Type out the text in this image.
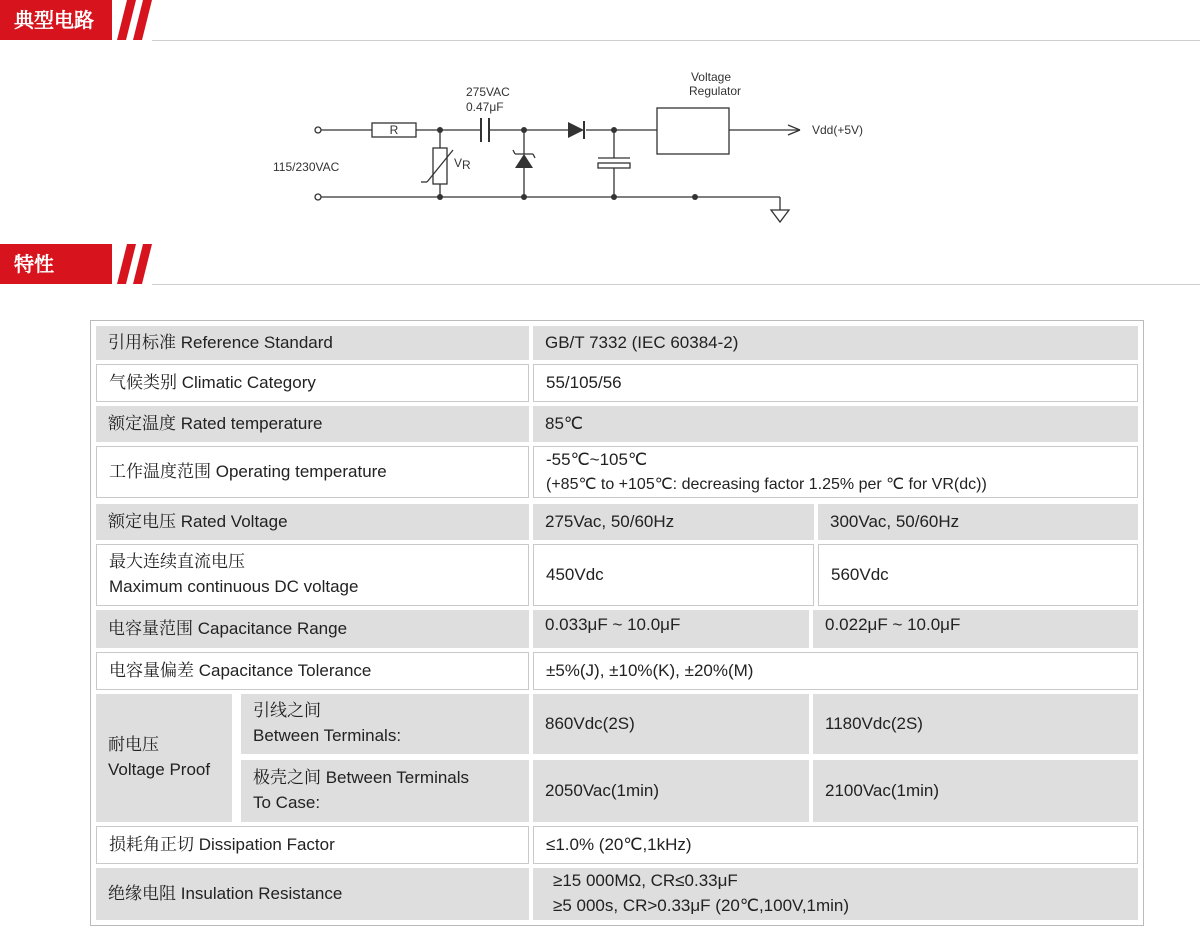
典型电路
R
275VAC
0.47μF
Voltage
Regulator
Vdd(+5V)
115/230VAC	V R
特性
引用标准 Reference Standard	GB/T 7332 (IEC 60384-2)
气候类别 Climatic Category	55/105/56
额定温度 Rated temperature	85℃
工作温度范围 Operating temperature
-55℃~105℃
(+85℃ to +105℃: decreasing factor 1.25% per ℃ for VR(dc))
额定电压 Rated Voltage	275Vac, 50/60Hz	300Vac, 50/60Hz
最大连续直流电压
Maximum continuous DC voltage
450Vdc	560Vdc
电容量范围 Capacitance Range	0.033μF ~ 10.0μF	0.022μF ~ 10.0μF
电容量偏差 Capacitance Tolerance	±5%(J), ±10%(K), ±20%(M)
耐电压
Voltage Proof
引线之间
Between Terminals:
860Vdc(2S)	1180Vdc(2S)
极壳之间 Between Terminals
To Case:
2050Vac(1min)	2100Vac(1min)
损耗角正切 Dissipation Factor	≤1.0% (20℃,1kHz)
绝缘电阻 Insulation Resistance
≥15 000MΩ, CR≤0.33μF
≥5 000s, CR>0.33μF (20℃,100V,1min)
